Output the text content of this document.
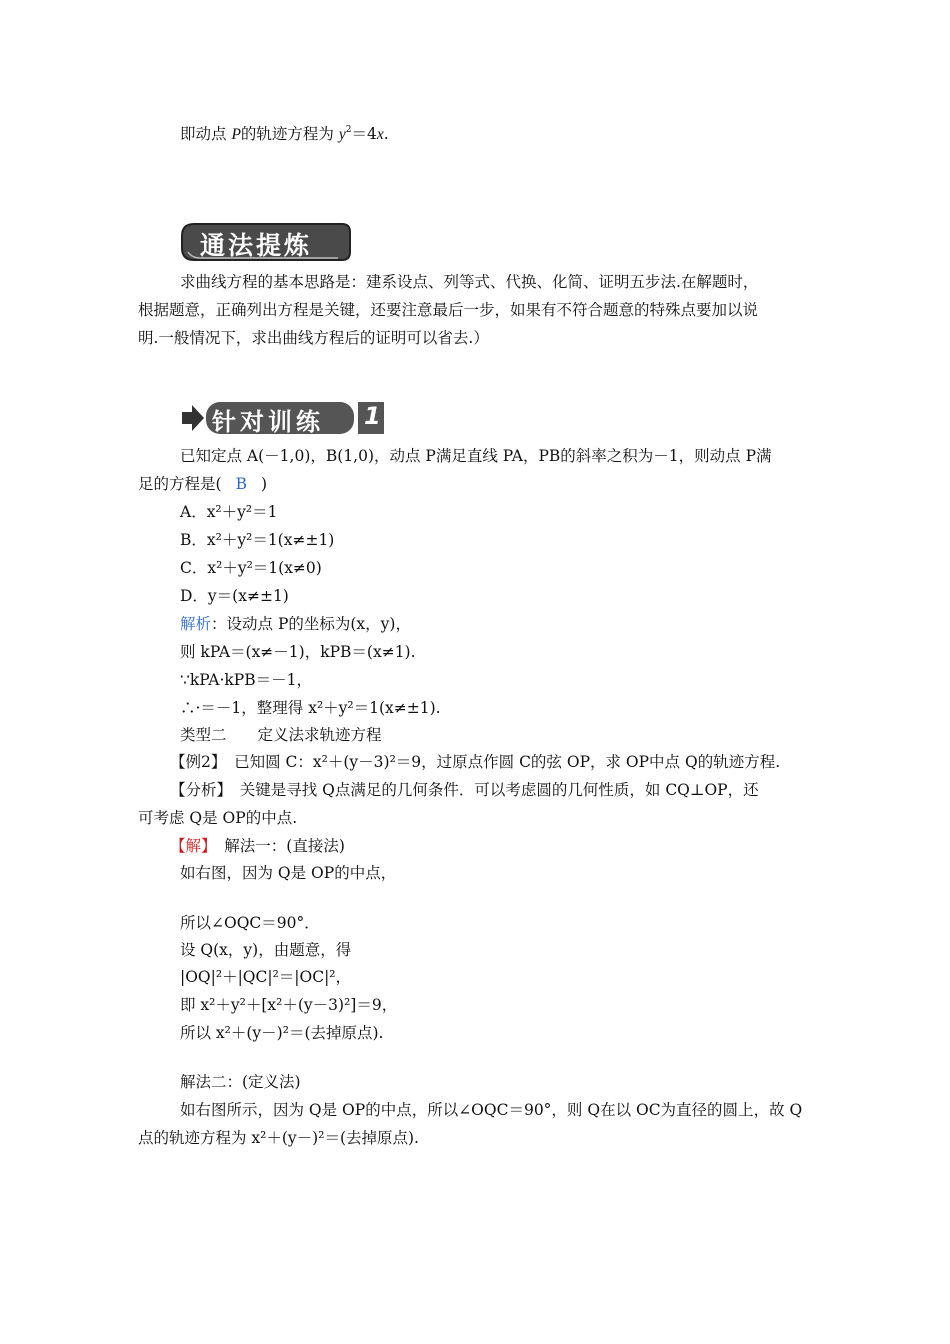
即动点 P的轨迹方程为 $y^2=4x$.
通法提炼
求曲线方程的基本思路是：建系设点、列等式、代换、化简、证明五步法.在解题时，
根据题意，正确列出方程是关键，还要注意最后一步，如果有不符合题意的特殊点要加以说
明.一般情况下，求出曲线方程后的证明可以省去.）
针对训练 1
已知定点 A(－1,0)，B(1,0)，动点 P满足直线 PA，PB的斜率之积为－1，则动点 P满
足的方程是( B )
A．x²＋y²＝1
B．x²＋y²＝1(x≠±1)
C．x²＋y²＝1(x≠0)
D．y＝(x≠±1)
解析：设动点 P的坐标为(x，y)，
则 kPA＝(x≠－1)，kPB＝(x≠1).
∵kPA·kPB＝－1，
∴·＝－1，整理得 x²＋y²＝1(x≠±1).
类型二　　定义法求轨迹方程
【例2】　已知圆 C：x²＋(y－3)²＝9，过原点作圆 C的弦 OP，求 OP中点 Q的轨迹方程.
【分析】　关键是寻找 Q点满足的几何条件．可以考虑圆的几何性质，如 CQ⊥OP，还
可考虑 Q是 OP的中点.
【解】　解法一：(直接法)
如右图，因为 Q是 OP的中点，
所以∠OQC＝90°．
设 Q(x，y)，由题意，得
|OQ|²＋|QC|²＝|OC|²，
即 x²＋y²＋[x²＋(y－3)²]＝9，
所以 x²＋(y－)²＝(去掉原点).
解法二：(定义法)
如右图所示，因为 Q是 OP的中点，所以∠OQC＝90°，则 Q在以 OC为直径的圆上，故 Q
点的轨迹方程为 x²＋(y－)²＝(去掉原点).
